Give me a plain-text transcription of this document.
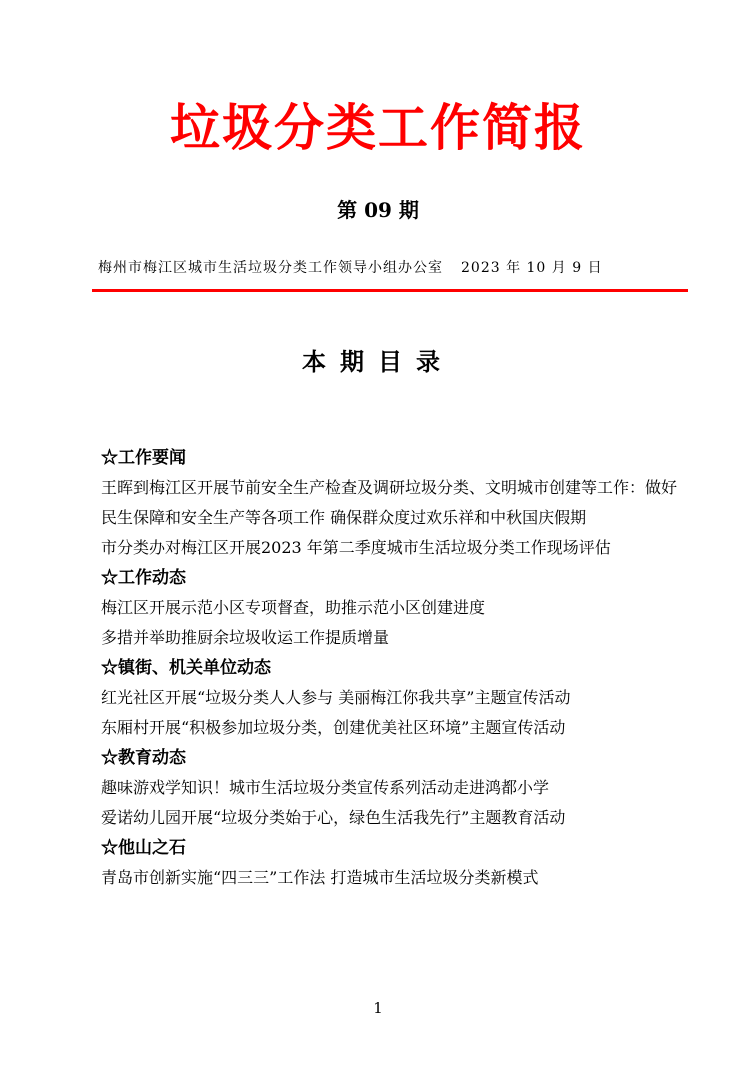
垃圾分类工作简报
第 09 期
梅州市梅江区城市生活垃圾分类工作领导小组办公室 2023 年 10 月 9 日
本期目录
☆工作要闻
王晖到梅江区开展节前安全生产检查及调研垃圾分类、文明城市创建等工作：做好民生保障和安全生产等各项工作 确保群众度过欢乐祥和中秋国庆假期
市分类办对梅江区开展2023 年第二季度城市生活垃圾分类工作现场评估
☆工作动态
梅江区开展示范小区专项督查，助推示范小区创建进度
多措并举助推厨余垃圾收运工作提质增量
☆镇街、机关单位动态
红光社区开展“垃圾分类人人参与 美丽梅江你我共享”主题宣传活动
东厢村开展“积极参加垃圾分类，创建优美社区环境”主题宣传活动
☆教育动态
趣味游戏学知识！城市生活垃圾分类宣传系列活动走进鸿都小学
爱诺幼儿园开展“垃圾分类始于心，绿色生活我先行”主题教育活动
☆他山之石
青岛市创新实施“四三三”工作法 打造城市生活垃圾分类新模式
1
